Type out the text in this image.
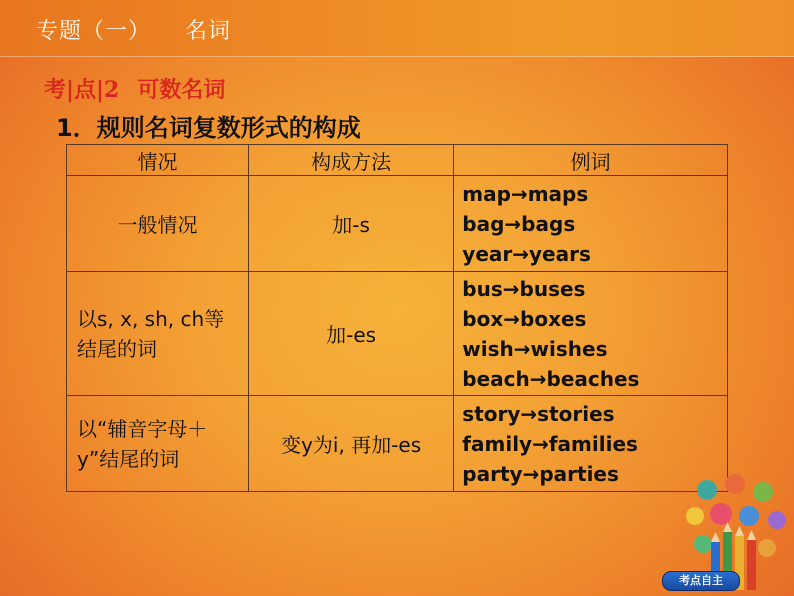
专题（一） 名词
考|点|2 可数名词
1．规则名词复数形式的构成
情况	构成方法	例词
一般情况	加-s	map→maps
bag→bags
year→years

以s, x, sh, ch等结尾的词	加-es	bus→buses
box→boxes
wish→wishes
beach→beaches

以“辅音字母＋y”结尾的词	变y为i, 再加-es	story→stories
family→families
party→parties
考点自主
